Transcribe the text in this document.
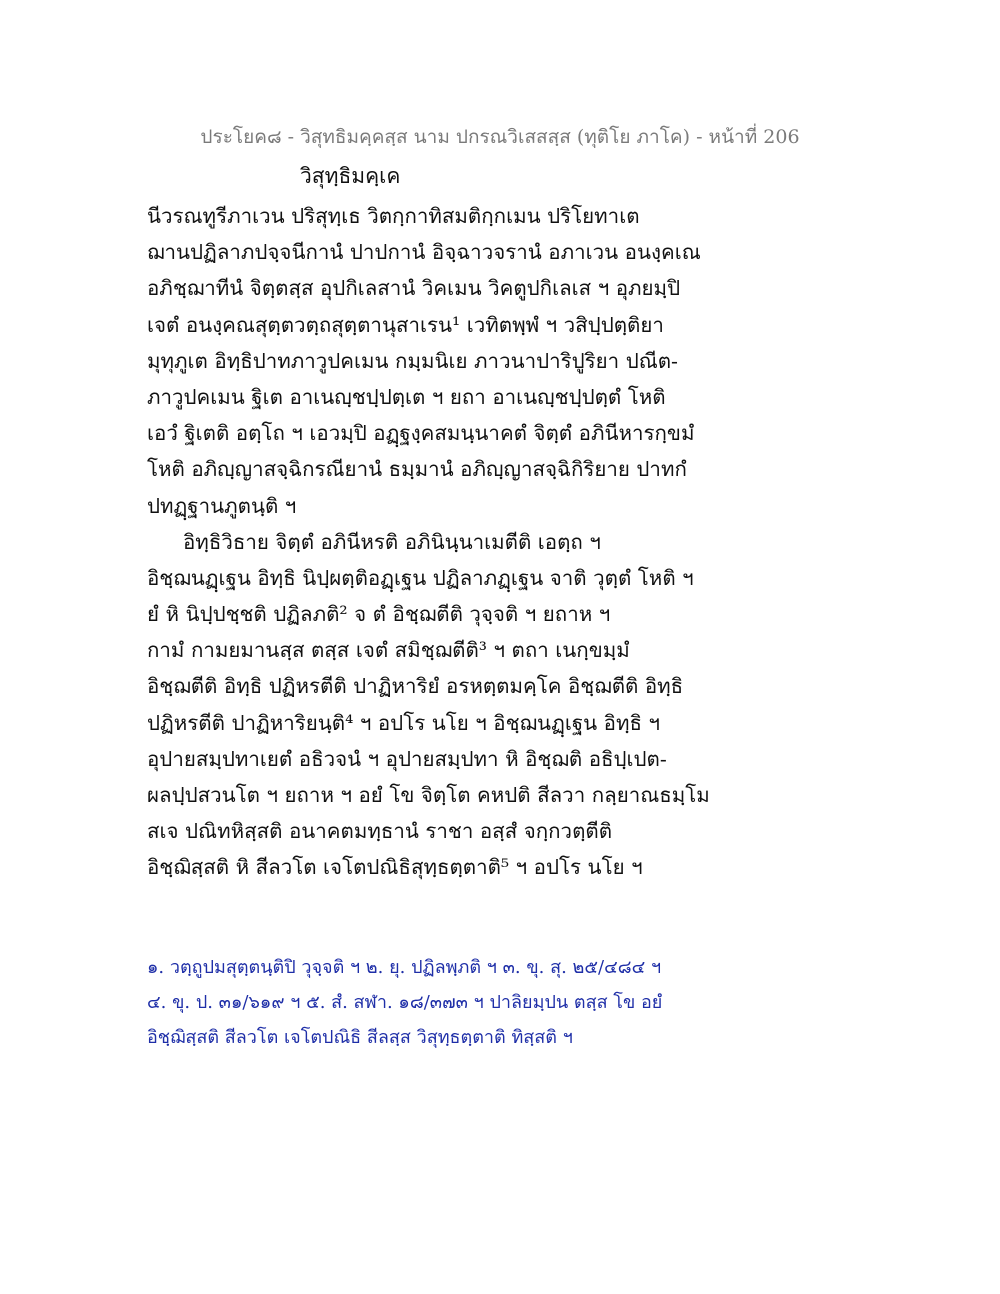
ประโยค๘ - วิสุทธิมคฺคสฺส นาม ปกรณวิเสสสฺส (ทุติโย ภาโค) - หน้าที่ 206
วิสุทฺธิมคฺเค
นีวรณทูรีภาเวน ปริสุทฺเธ วิตกฺกาทิสมติกฺกเมน ปริโยทาเต
ฌานปฏิลาภปจฺจนีกานํ ปาปกานํ อิจฺฉาวจรานํ อภาเวน อนงฺคเณ
อภิชฺฌาทีนํ จิตฺตสฺส อุปกิเลสานํ วิคเมน วิคตูปกิเลเส ฯ อุภยมฺปิ
เจตํ อนงฺคณสุตฺตวตฺถสุตฺตานุสาเรน¹ เวทิตพฺพํ ฯ วสิปฺปตฺติยา
มุทุภูเต อิทฺธิปาทภาวูปคเมน กมฺมนิเย ภาวนาปาริปูริยา ปณีต-
ภาวูปคเมน ฐิเต อาเนญฺชปฺปตฺเต ฯ ยถา อาเนญฺชปฺปตฺตํ โหติ
เอวํ ฐิเตติ อตฺโถ ฯ เอวมฺปิ อฏฺฐงฺคสมนฺนาคตํ จิตฺตํ อภินีหารกฺขมํ
โหติ อภิญฺญาสจฺฉิกรณียานํ ธมฺมานํ อภิญฺญาสจฺฉิกิริยาย ปาทกํ
ปทฏฺฐานภูตนฺติ ฯ
อิทฺธิวิธาย จิตฺตํ อภินีหรติ อภินินฺนาเมตีติ เอตฺถ ฯ
อิชฺฌนฏฺเฐน อิทฺธิ นิปฺผตฺติอฏฺเฐน ปฏิลาภฏฺเฐน จาติ วุตฺตํ โหติ ฯ
ยํ หิ นิปฺปชฺชติ ปฏิลภติ² จ ตํ อิชฺฌตีติ วุจฺจติ ฯ ยถาห ฯ
กามํ กามยมานสฺส ตสฺส เจตํ สมิชฺฌตีติ³ ฯ ตถา เนกฺขมฺมํ
อิชฺฌตีติ อิทฺธิ ปฏิหรตีติ ปาฏิหาริยํ อรหตฺตมคฺโค อิชฺฌตีติ อิทฺธิ
ปฏิหรตีติ ปาฏิหาริยนฺติ⁴ ฯ อปโร นโย ฯ อิชฺฌนฏฺเฐน อิทฺธิ ฯ
อุปายสมฺปทาเยตํ อธิวจนํ ฯ อุปายสมฺปทา หิ อิชฺฌติ อธิปฺเปต-
ผลปฺปสวนโต ฯ ยถาห ฯ อยํ โข จิตฺโต คหปติ สีลวา กลฺยาณธมฺโม
สเจ ปณิทหิสฺสติ อนาคตมทฺธานํ ราชา อสฺสํ จกฺกวตฺตีติ
อิชฺฌิสฺสติ หิ สีลวโต เจโตปณิธิสุทฺธตฺตาติ⁵ ฯ อปโร นโย ฯ
๑. วตฺถูปมสุตฺตนฺติปิ วุจฺจติ ฯ ๒. ยุ. ปฏิลพฺภติ ฯ ๓. ขุ. สุ. ๒๕/๔๘๔ ฯ
๔. ขุ. ป. ๓๑/๖๑๙ ฯ ๕. สํ. สฬา. ๑๘/๓๗๓ ฯ ปาลิยมฺปน ตสฺส โข อยํ
อิชฺฌิสฺสติ สีลวโต เจโตปณิธิ สีลสฺส วิสุทฺธตฺตาติ ทิสฺสติ ฯ
